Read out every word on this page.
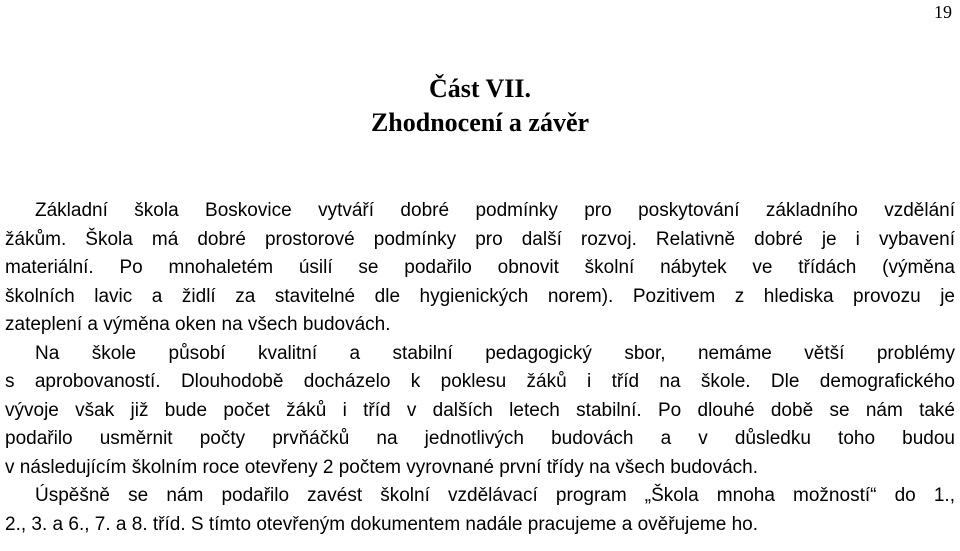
19
Část VII.
Zhodnocení a závěr
Základní škola Boskovice vytváří dobré podmínky pro poskytování základního vzdělání
žákům. Škola má dobré prostorové podmínky pro další rozvoj. Relativně dobré je i vybavení
materiální. Po mnohaletém úsilí se podařilo obnovit školní nábytek ve třídách (výměna
školních lavic a židlí za stavitelné dle hygienických norem). Pozitivem z hlediska provozu je
zateplení a výměna oken na všech budovách.
Na škole působí kvalitní a stabilní pedagogický sbor, nemáme větší problémy
s aprobovaností. Dlouhodobě docházelo k poklesu žáků i tříd na škole. Dle demografického
vývoje však již bude počet žáků i tříd v dalších letech stabilní. Po dlouhé době se nám také
podařilo usměrnit počty prvňáčků na jednotlivých budovách a v důsledku toho budou
v následujícím školním roce otevřeny 2 počtem vyrovnané první třídy na všech budovách.
Úspěšně se nám podařilo zavést školní vzdělávací program „Škola mnoha možností“ do 1.,
2., 3. a 6., 7. a 8. tříd. S tímto otevřeným dokumentem nadále pracujeme a ověřujeme ho.
